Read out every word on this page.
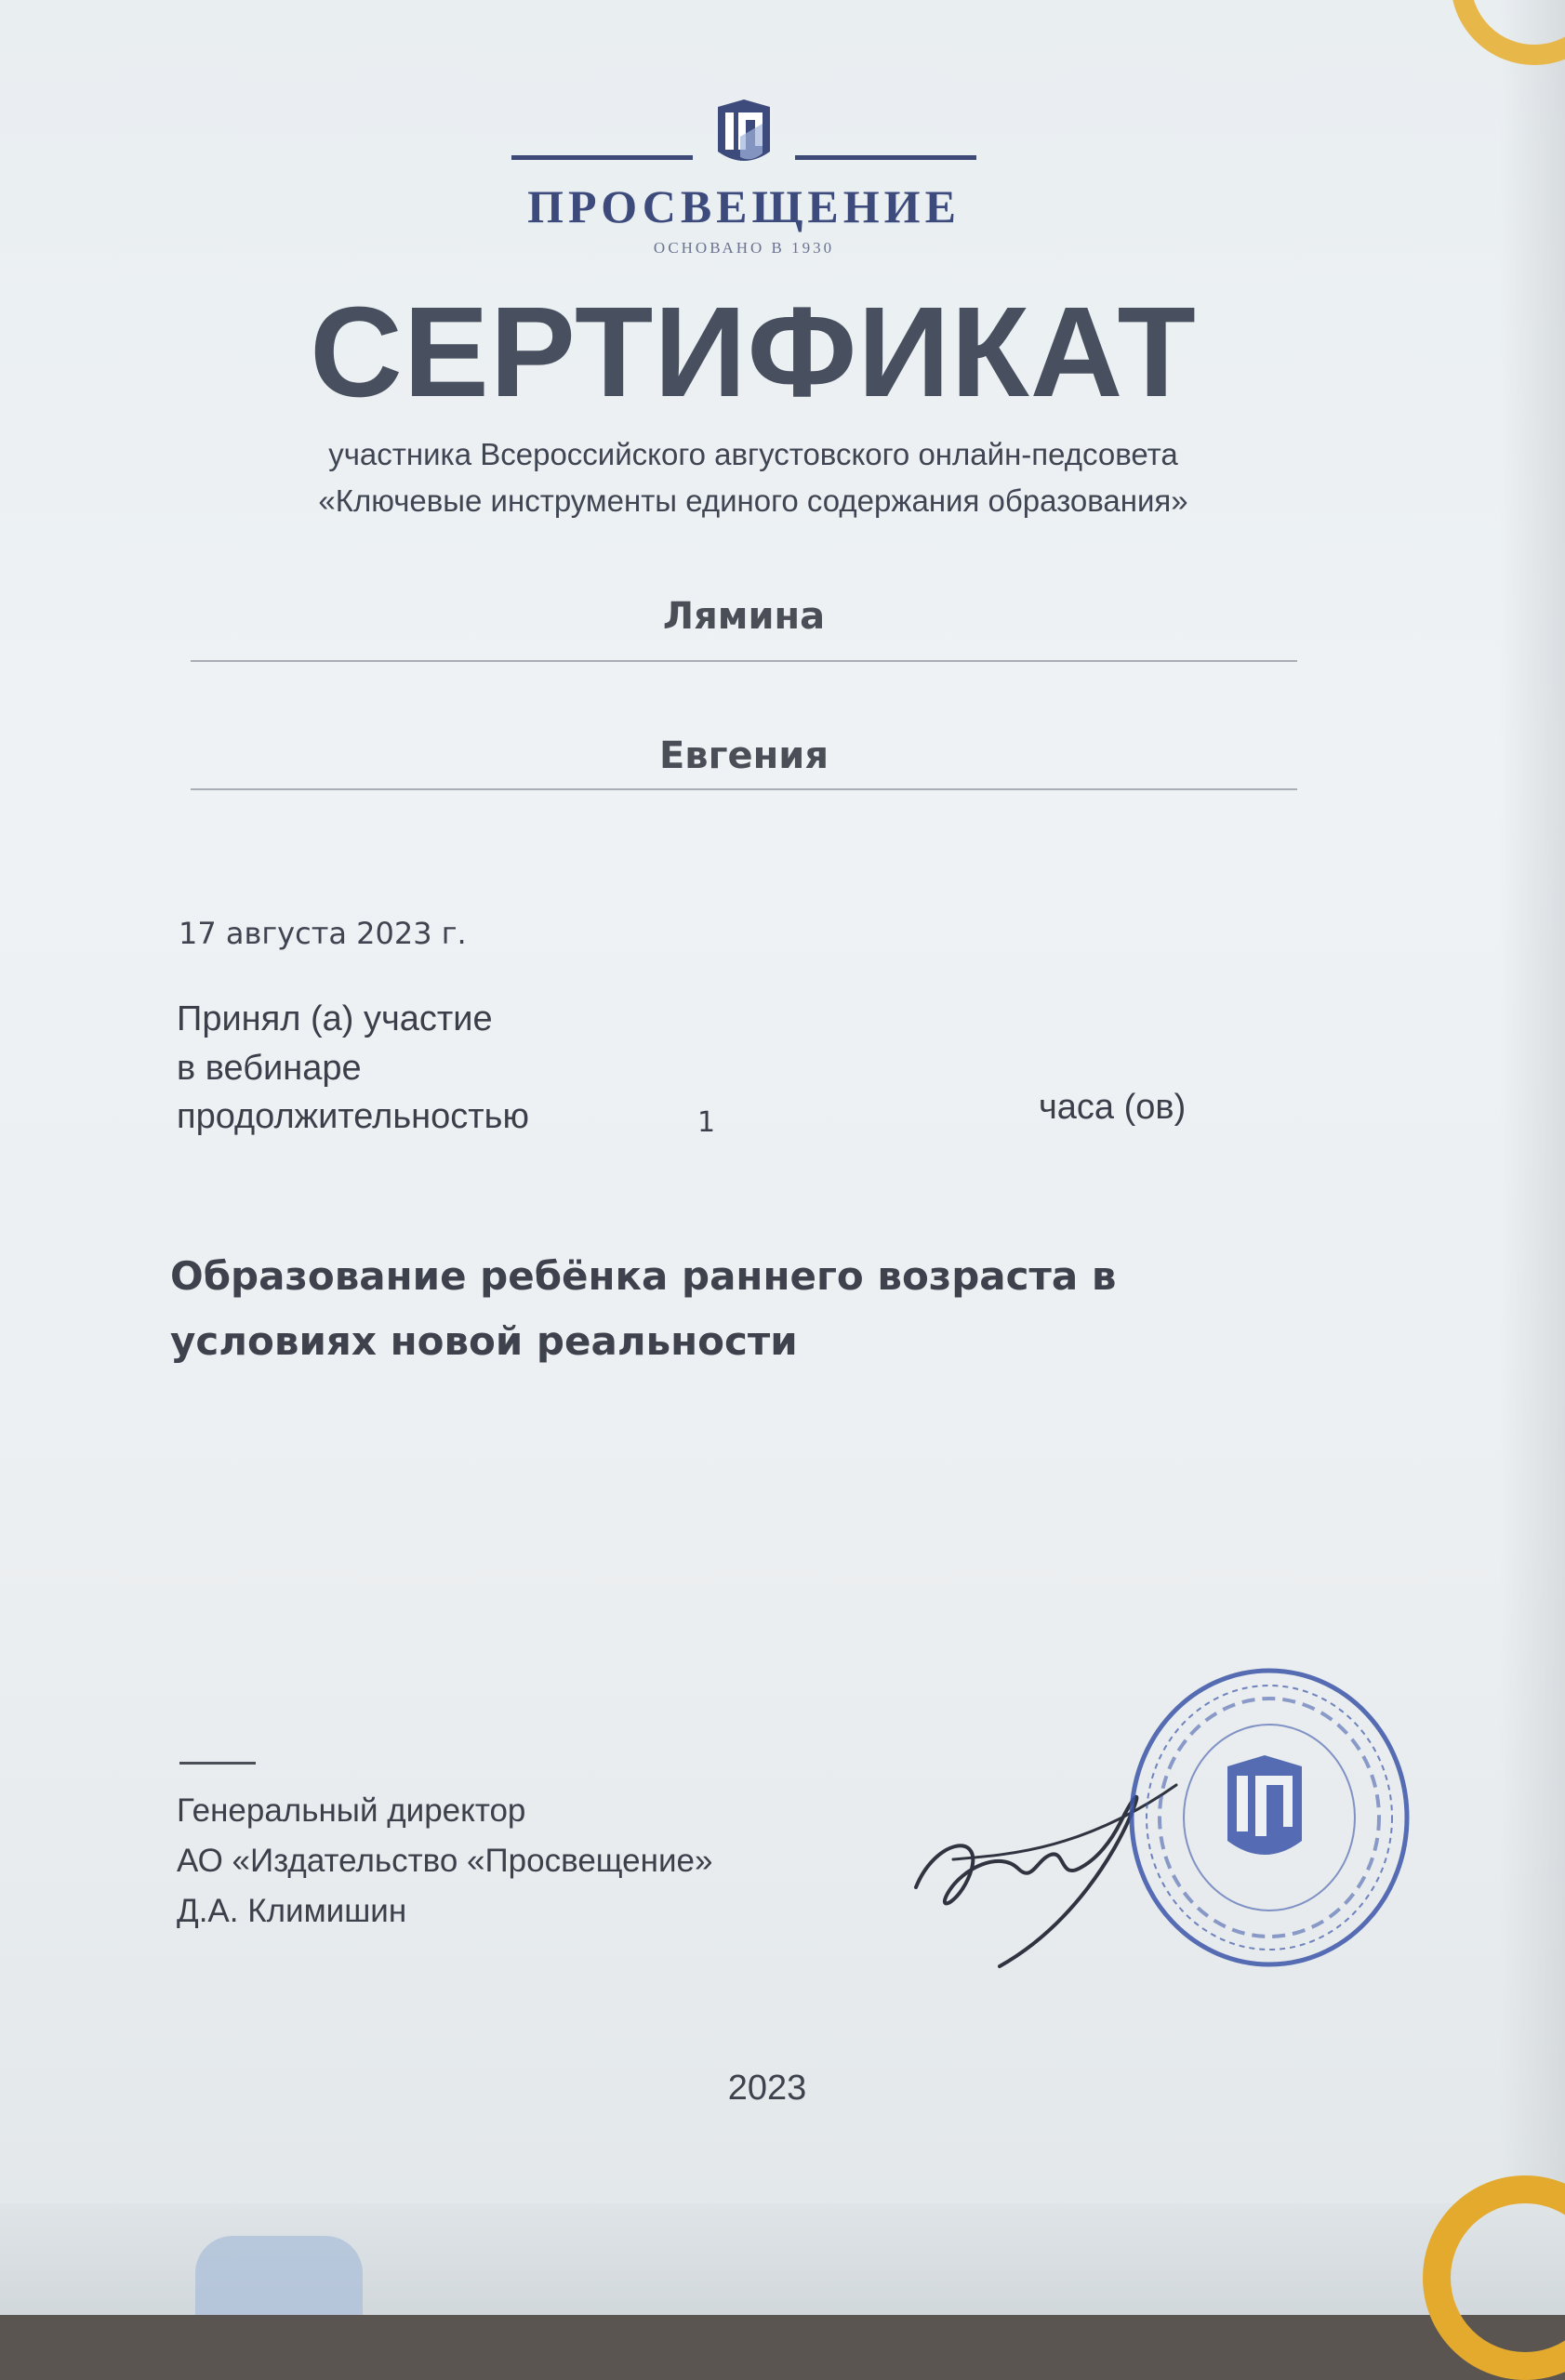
ПРОСВЕЩЕНИЕ
ОСНОВАНО В 1930
СЕРТИФИКАТ
участника Всероссийского августовского онлайн-педсовета
«Ключевые инструменты единого содержания образования»
Лямина
Евгения
17 августа 2023 г.
Принял (а) участие
в вебинаре
продолжительностью	1	часа (ов)
Образование ребёнка раннего возраста в
условиях новой реальности
Генеральный директор
АО «Издательство «Просвещение»
Д.А. Климишин
2023
